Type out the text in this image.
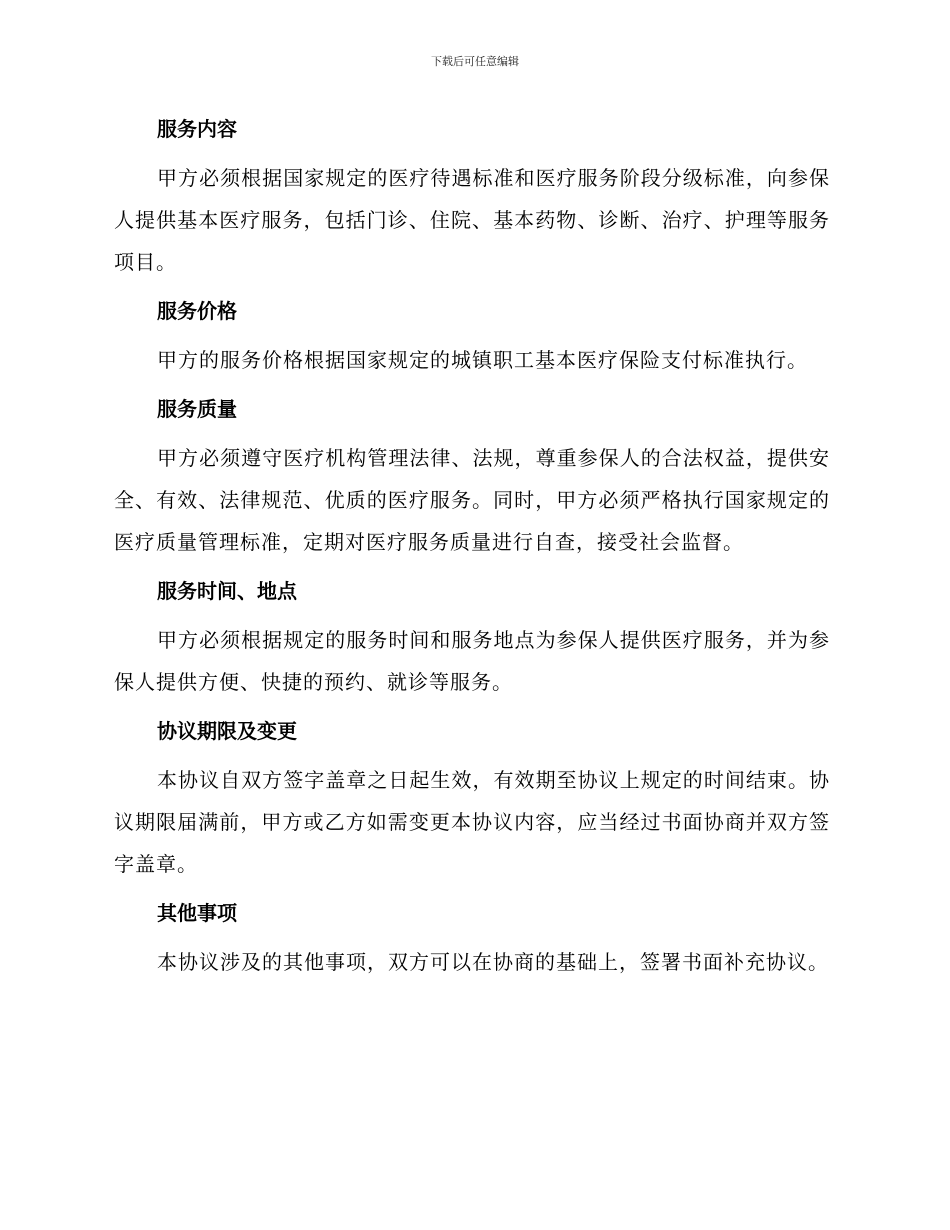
下载后可任意编辑
服务内容
甲方必须根据国家规定的医疗待遇标准和医疗服务阶段分级标准，向参保人提供基本医疗服务，包括门诊、住院、基本药物、诊断、治疗、护理等服务项目。
服务价格
甲方的服务价格根据国家规定的城镇职工基本医疗保险支付标准执行。
服务质量
甲方必须遵守医疗机构管理法律、法规，尊重参保人的合法权益，提供安全、有效、法律规范、优质的医疗服务。同时，甲方必须严格执行国家规定的医疗质量管理标准，定期对医疗服务质量进行自查，接受社会监督。
服务时间、地点
甲方必须根据规定的服务时间和服务地点为参保人提供医疗服务，并为参保人提供方便、快捷的预约、就诊等服务。
协议期限及变更
本协议自双方签字盖章之日起生效，有效期至协议上规定的时间结束。协议期限届满前，甲方或乙方如需变更本协议内容，应当经过书面协商并双方签字盖章。
其他事项
本协议涉及的其他事项，双方可以在协商的基础上，签署书面补充协议。
